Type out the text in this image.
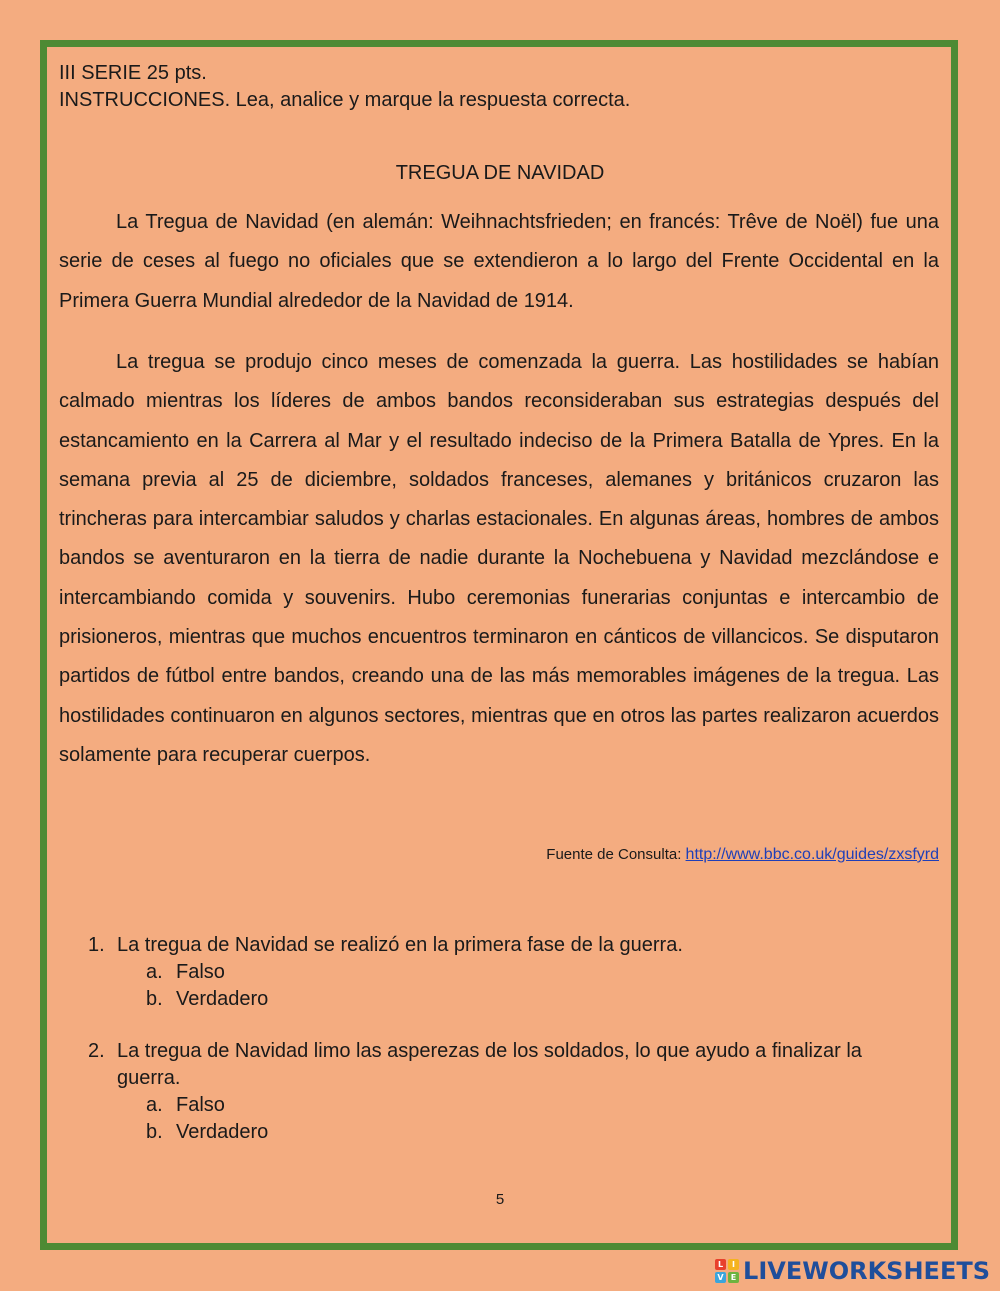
III SERIE 25 pts.
INSTRUCCIONES. Lea, analice y marque la respuesta correcta.
TREGUA DE NAVIDAD

La Tregua de Navidad (en alemán: Weihnachtsfrieden; en francés: Trêve de Noël) fue una serie de ceses al fuego no oficiales que se extendieron a lo largo del Frente Occidental en la Primera Guerra Mundial alrededor de la Navidad de 1914.

La tregua se produjo cinco meses de comenzada la guerra. Las hostilidades se habían calmado mientras los líderes de ambos bandos reconsideraban sus estrategias después del estancamiento en la Carrera al Mar y el resultado indeciso de la Primera Batalla de Ypres. En la semana previa al 25 de diciembre, soldados franceses, alemanes y británicos cruzaron las trincheras para intercambiar saludos y charlas estacionales. En algunas áreas, hombres de ambos bandos se aventuraron en la tierra de nadie durante la Nochebuena y Navidad mezclándose e intercambiando comida y souvenirs. Hubo ceremonias funerarias conjuntas e intercambio de prisioneros, mientras que muchos encuentros terminaron en cánticos de villancicos. Se disputaron partidos de fútbol entre bandos, creando una de las más memorables imágenes de la tregua. Las hostilidades continuaron en algunos sectores, mientras que en otros las partes realizaron acuerdos solamente para recuperar cuerpos.

Fuente de Consulta: http://www.bbc.co.uk/guides/zxsfyrd
1. La tregua de Navidad se realizó en la primera fase de la guerra.
a. Falso
b. Verdadero
2. La tregua de Navidad limo las asperezas de los soldados, lo que ayudo a finalizar la guerra.
a. Falso
b. Verdadero
5
L	I
V E LIVEWORKSHEETS
